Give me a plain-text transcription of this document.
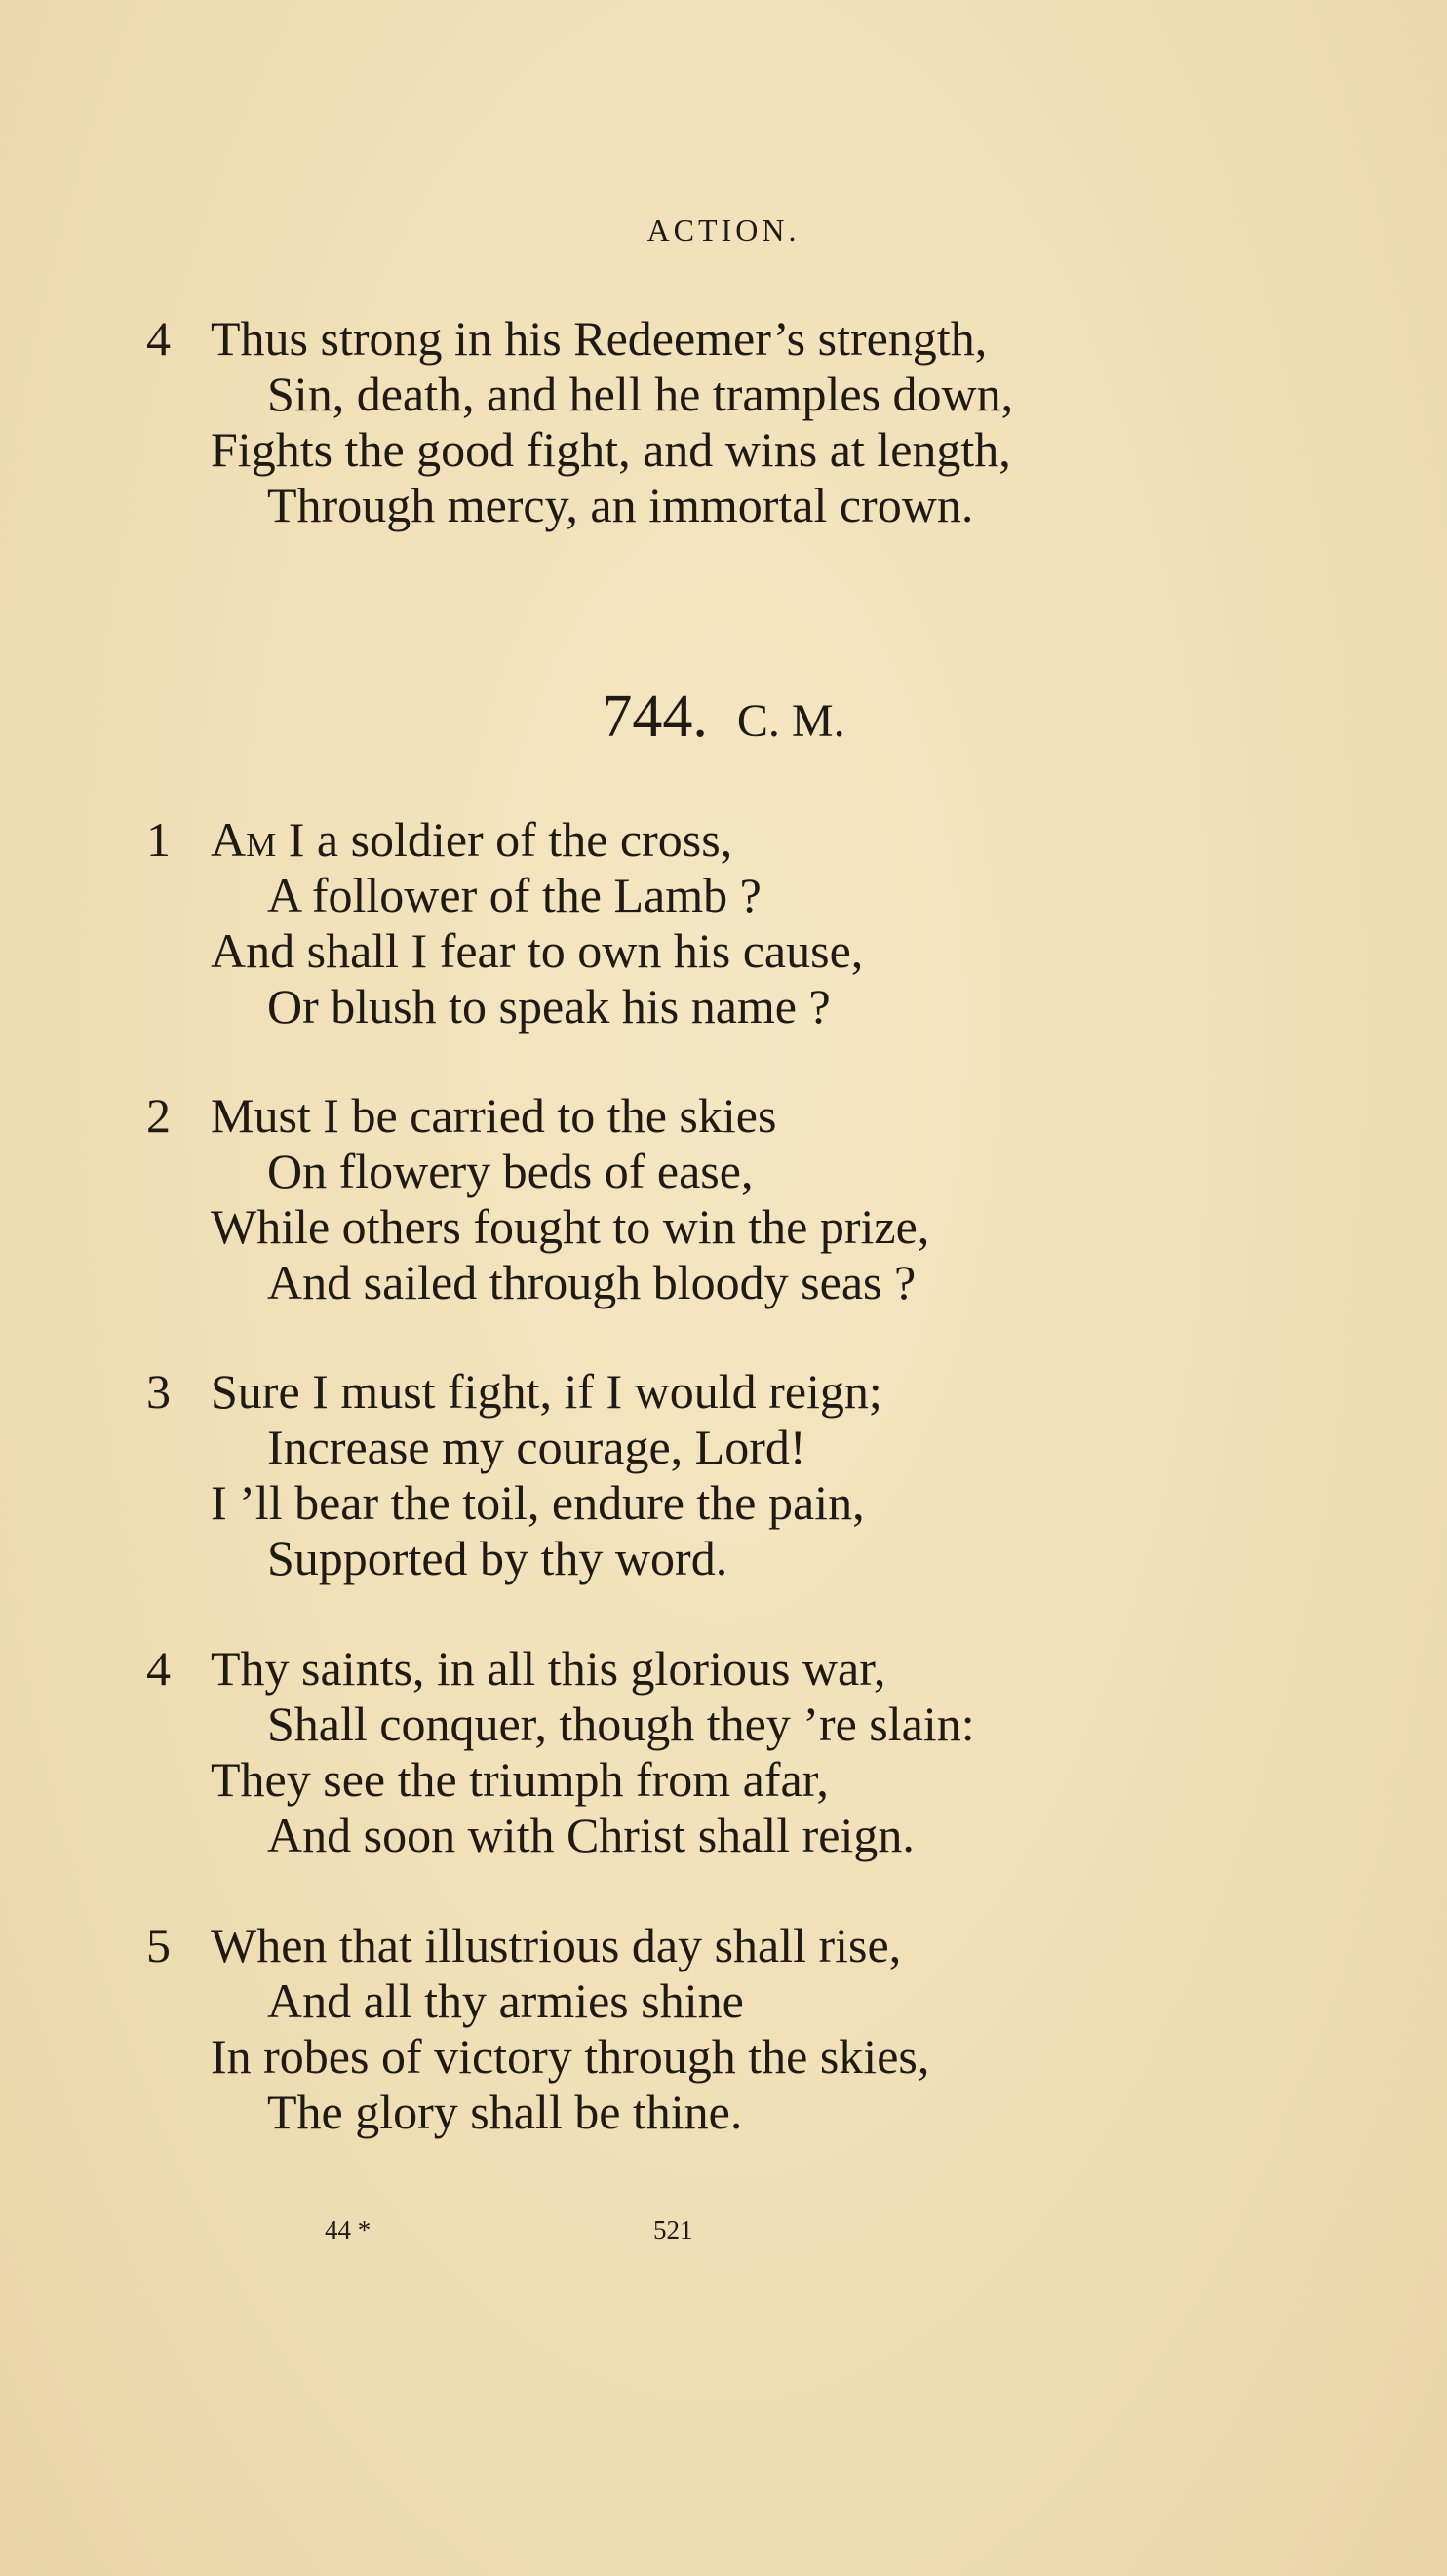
ACTION.
4 Thus strong in his Redeemer’s strength,
Sin, death, and hell he tramples down,
Fights the good fight, and wins at length,
Through mercy, an immortal crown.
744. C. M.
1 Am I a soldier of the cross,
A follower of the Lamb ?
And shall I fear to own his cause,
Or blush to speak his name ?
2 Must I be carried to the skies
On flowery beds of ease,
While others fought to win the prize,
And sailed through bloody seas ?
3 Sure I must fight, if I would reign;
Increase my courage, Lord!
I ’ll bear the toil, endure the pain,
Supported by thy word.
4 Thy saints, in all this glorious war,
Shall conquer, though they ’re slain:
They see the triumph from afar,
And soon with Christ shall reign.
5 When that illustrious day shall rise,
And all thy armies shine
In robes of victory through the skies,
The glory shall be thine.
44 *	521
